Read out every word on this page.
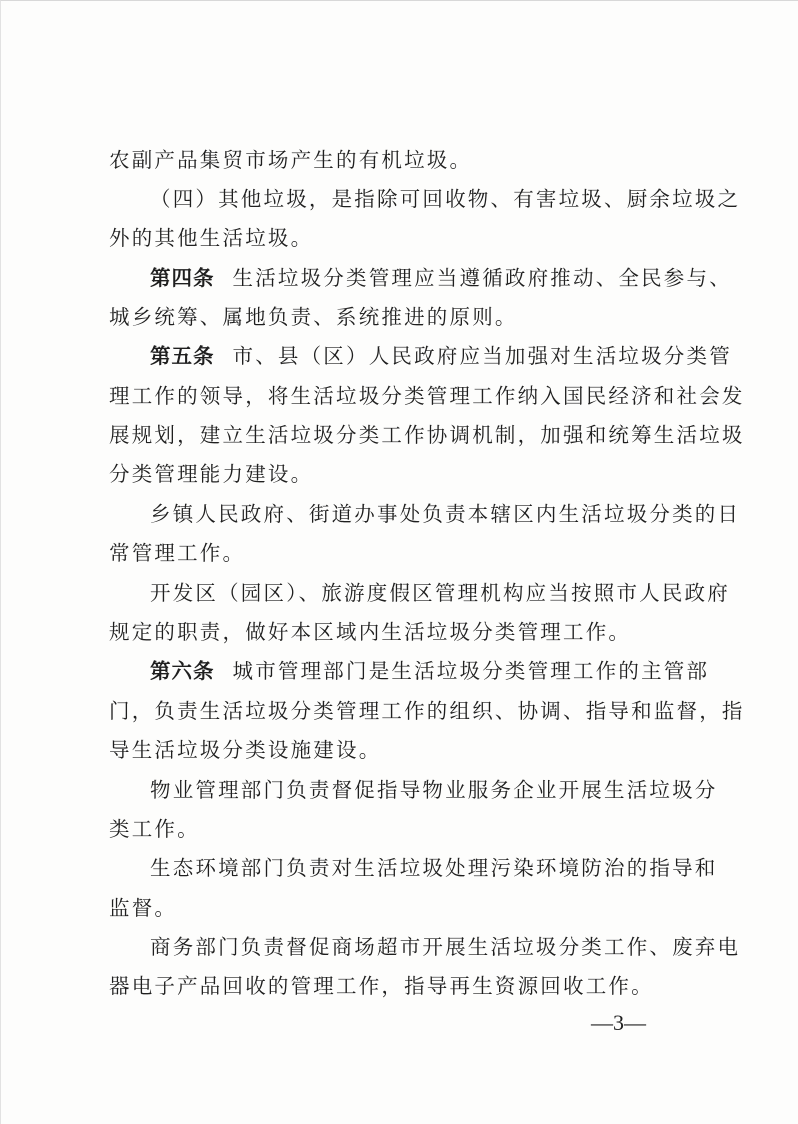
农副产品集贸市场产生的有机垃圾。
（四）其他垃圾，是指除可回收物、有害垃圾、厨余垃圾之
外的其他生活垃圾。
第四条 生活垃圾分类管理应当遵循政府推动、全民参与、
城乡统筹、属地负责、系统推进的原则。
第五条 市、县（区）人民政府应当加强对生活垃圾分类管
理工作的领导，将生活垃圾分类管理工作纳入国民经济和社会发
展规划，建立生活垃圾分类工作协调机制，加强和统筹生活垃圾
分类管理能力建设。
乡镇人民政府、街道办事处负责本辖区内生活垃圾分类的日
常管理工作。
开发区（园区）、旅游度假区管理机构应当按照市人民政府
规定的职责，做好本区域内生活垃圾分类管理工作。
第六条 城市管理部门是生活垃圾分类管理工作的主管部
门，负责生活垃圾分类管理工作的组织、协调、指导和监督，指
导生活垃圾分类设施建设。
物业管理部门负责督促指导物业服务企业开展生活垃圾分
类工作。
生态环境部门负责对生活垃圾处理污染环境防治的指导和
监督。
商务部门负责督促商场超市开展生活垃圾分类工作、废弃电
器电子产品回收的管理工作，指导再生资源回收工作。
—3—
